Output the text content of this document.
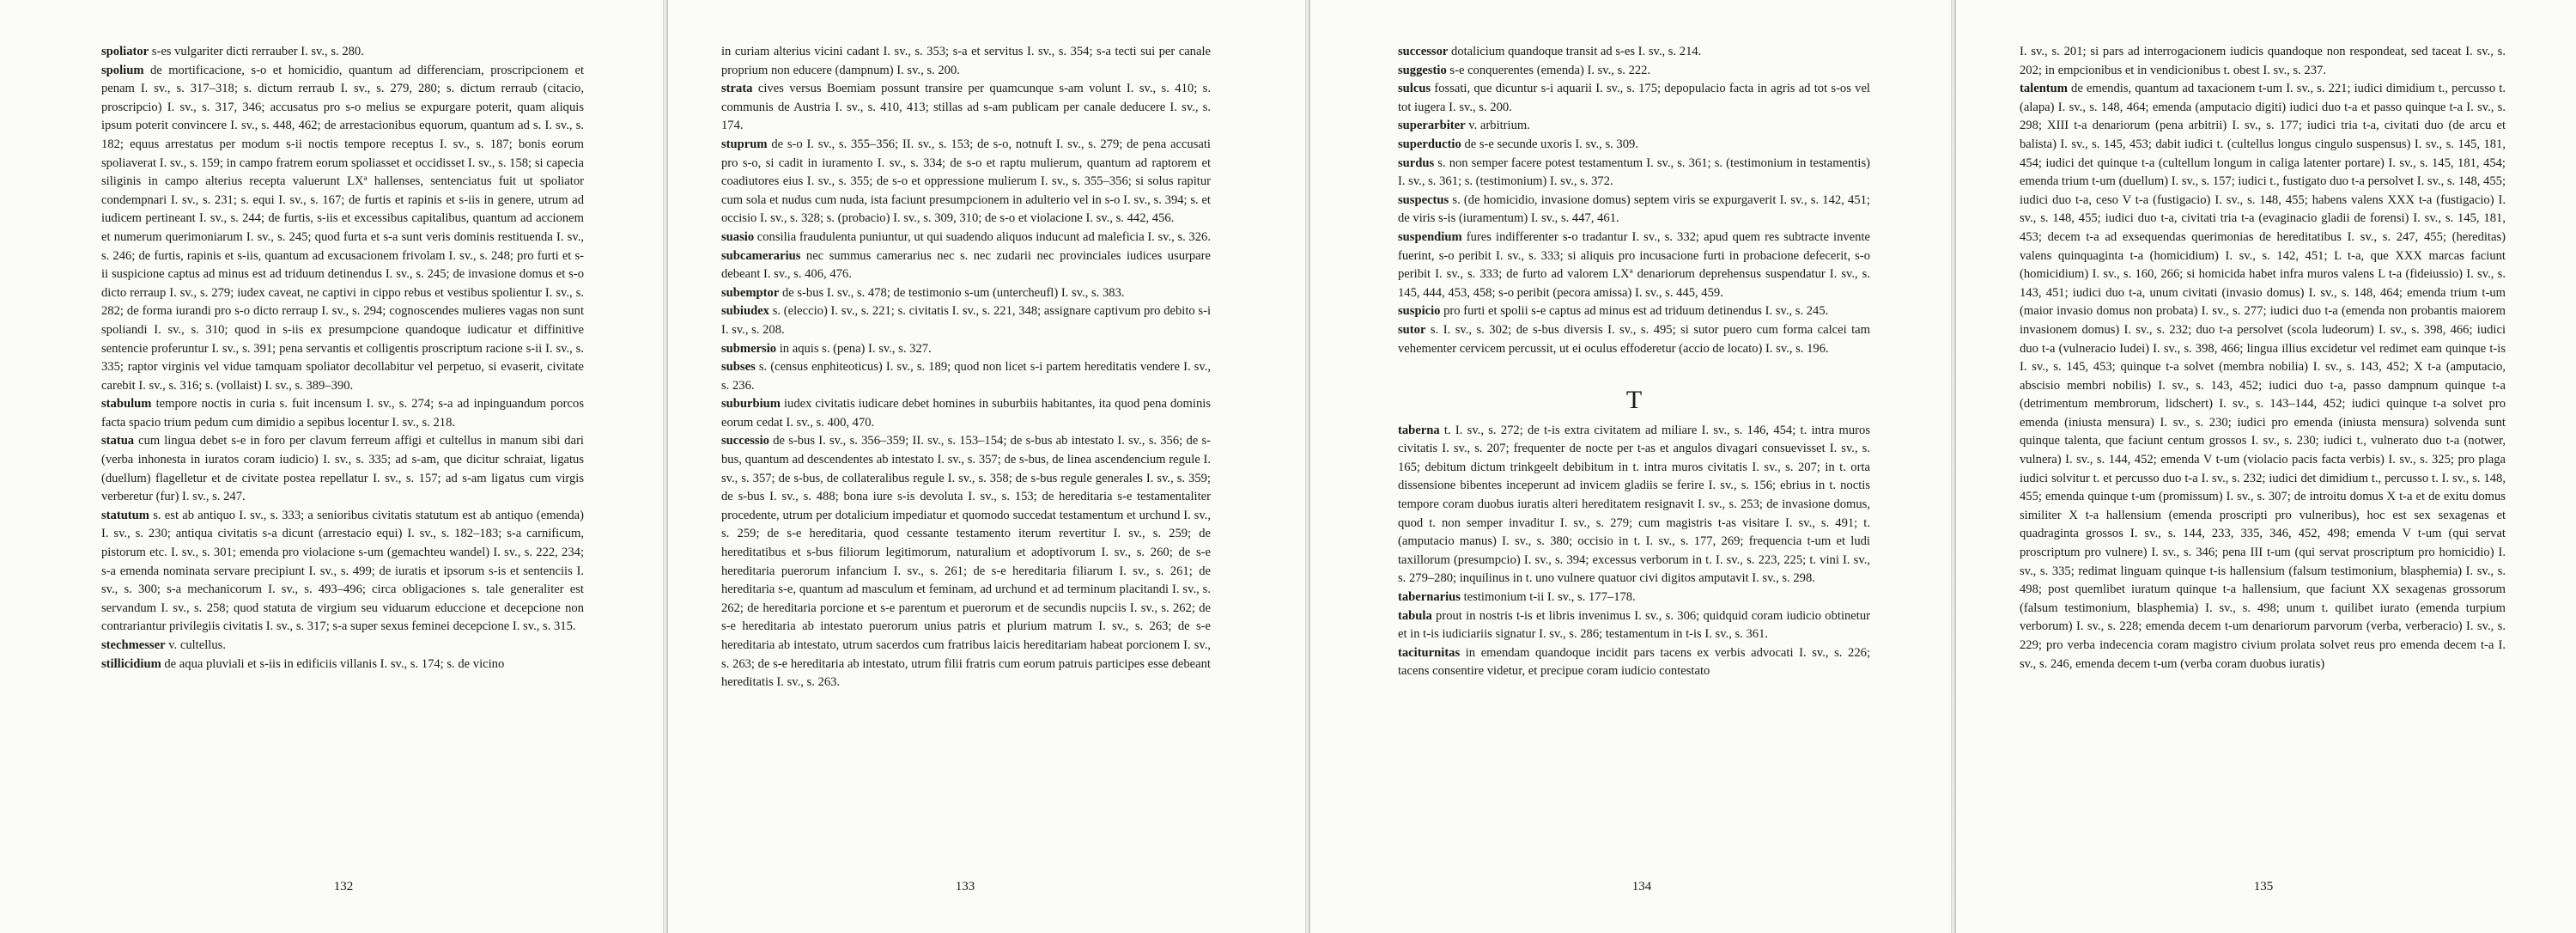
spoliator s-es vulgariter dicti rerrauber I. sv., s. 280.

spolium de mortificacione, s-o et homicidio, quantum ad differenciam, proscripcionem et penam I. sv., s. 317–318; s. dictum rerraub I. sv., s. 279, 280; s. dictum rerraub (citacio, proscripcio) I. sv., s. 317, 346; accusatus pro s-o melius se expurgare poterit, quam aliquis ipsum poterit convincere I. sv., s. 448, 462; de arrestacionibus equorum, quantum ad s. I. sv., s. 182; equus arrestatus per modum s-ii noctis tempore receptus I. sv., s. 187; bonis eorum spoliaverat I. sv., s. 159; in campo fratrem eorum spoliasset et occidisset I. sv., s. 158; si capecia siliginis in campo alterius recepta valuerunt LXª hallenses, sentenciatus fuit ut spoliator condempnari I. sv., s. 231; s. equi I. sv., s. 167; de furtis et rapinis et s-iis in genere, utrum ad iudicem pertineant I. sv., s. 244; de furtis, s-iis et excessibus capitalibus, quantum ad accionem et numerum querimoniarum I. sv., s. 245; quod furta et s-a sunt veris dominis restituenda I. sv., s. 246; de furtis, rapinis et s-iis, quantum ad excusacionem frivolam I. sv., s. 248; pro furti et s-ii suspicione captus ad minus est ad triduum detinendus I. sv., s. 245; de invasione domus et s-o dicto rerraup I. sv., s. 279; iudex caveat, ne captivi in cippo rebus et vestibus spolientur I. sv., s. 282; de forma iurandi pro s-o dicto rerraup I. sv., s. 294; cognoscendes mulieres vagas non sunt spoliandi I. sv., s. 310; quod in s-iis ex presumpcione quandoque iudicatur et diffinitive sentencie proferuntur I. sv., s. 391; pena servantis et colligentis proscriptum racione s-ii I. sv., s. 335; raptor virginis vel vidue tamquam spoliator decollabitur vel perpetuo, si evaserit, civitate carebit I. sv., s. 316; s. (vollaist) I. sv., s. 389–390.

stabulum tempore noctis in curia s. fuit incensum I. sv., s. 274; s-a ad inpinguandum porcos facta spacio trium pedum cum dimidio a sepibus locentur I. sv., s. 218.

statua cum lingua debet s-e in foro per clavum ferreum affigi et cultellus in manum sibi dari (verba inhonesta in iuratos coram iudicio) I. sv., s. 335; ad s-am, que dicitur schraiat, ligatus (duellum) flagelletur et de civitate postea repellatur I. sv., s. 157; ad s-am ligatus cum virgis verberetur (fur) I. sv., s. 247.

statutum s. est ab antiquo I. sv., s. 333; a senioribus civitatis statutum est ab antiquo (emenda) I. sv., s. 230; antiqua civitatis s-a dicunt (arrestacio equi) I. sv., s. 182–183; s-a carnificum, pistorum etc. I. sv., s. 301; emenda pro violacione s-um (gemachteu wandel) I. sv., s. 222, 234; s-a emenda nominata servare precipiunt I. sv., s. 499; de iuratis et ipsorum s-is et sentenciis I. sv., s. 300; s-a mechanicorum I. sv., s. 493–496; circa obligaciones s. tale generaliter est servandum I. sv., s. 258; quod statuta de virgium seu viduarum educcione et decepcione non contrariantur privilegiis civitatis I. sv., s. 317; s-a super sexus feminei decepcione I. sv., s. 315.

stechmesser v. cultellus.

stillicidium de aqua pluviali et s-iis in edificiis villanis I. sv., s. 174; s. de vicino

132

in curiam alterius vicini cadant I. sv., s. 353; s-a et servitus I. sv., s. 354; s-a tecti sui per canale proprium non educere (dampnum) I. sv., s. 200.

strata cives versus Boemiam possunt transire per quamcunque s-am volunt I. sv., s. 410; s. communis de Austria I. sv., s. 410, 413; stillas ad s-am publicam per canale deducere I. sv., s. 174.

stuprum de s-o I. sv., s. 355–356; II. sv., s. 153; de s-o, notnuft I. sv., s. 279; de pena accusati pro s-o, si cadit in iuramento I. sv., s. 334; de s-o et raptu mulierum, quantum ad raptorem et coadiutores eius I. sv., s. 355; de s-o et oppressione mulierum I. sv., s. 355–356; si solus rapitur cum sola et nudus cum nuda, ista faciunt presumpcionem in adulterio vel in s-o I. sv., s. 394; s. et occisio I. sv., s. 328; s. (probacio) I. sv., s. 309, 310; de s-o et violacione I. sv., s. 442, 456.

suasio consilia fraudulenta puniuntur, ut qui suadendo aliquos inducunt ad maleficia I. sv., s. 326.

subcamerarius nec summus camerarius nec s. nec zudarii nec provinciales iudices usurpare debeant I. sv., s. 406, 476.

subemptor de s-bus I. sv., s. 478; de testimonio s-um (untercheufl) I. sv., s. 383.

subiudex s. (eleccio) I. sv., s. 221; s. civitatis I. sv., s. 221, 348; assignare captivum pro debito s-i I. sv., s. 208.

submersio in aquis s. (pena) I. sv., s. 327.

subses s. (census enphiteoticus) I. sv., s. 189; quod non licet s-i partem hereditatis vendere I. sv., s. 236.

suburbium iudex civitatis iudicare debet homines in suburbiis habitantes, ita quod pena dominis eorum cedat I. sv., s. 400, 470.

successio de s-bus I. sv., s. 356–359; II. sv., s. 153–154; de s-bus ab intestato I. sv., s. 356; de s-bus, quantum ad descendentes ab intestato I. sv., s. 357; de s-bus, de linea ascendencium regule I. sv., s. 357; de s-bus, de collateralibus regule I. sv., s. 358; de s-bus regule generales I. sv., s. 359; de s-bus I. sv., s. 488; bona iure s-is devoluta I. sv., s. 153; de hereditaria s-e testamentaliter procedente, utrum per dotalicium impediatur et quomodo succedat testamentum et urchund I. sv., s. 259; de s-e hereditaria, quod cessante testamento iterum revertitur I. sv., s. 259; de hereditatibus et s-bus filiorum legitimorum, naturalium et adoptivorum I. sv., s. 260; de s-e hereditaria puerorum infancium I. sv., s. 261; de s-e hereditaria filiarum I. sv., s. 261; de hereditaria s-e, quantum ad masculum et feminam, ad urchund et ad terminum placitandi I. sv., s. 262; de hereditaria porcione et s-e parentum et puerorum et de secundis nupciis I. sv., s. 262; de s-e hereditaria ab intestato puerorum unius patris et plurium matrum I. sv., s. 263; de s-e hereditaria ab intestato, utrum sacerdos cum fratribus laicis hereditariam habeat porcionem I. sv., s. 263; de s-e hereditaria ab intestato, utrum filii fratris cum eorum patruis participes esse debeant hereditatis I. sv., s. 263.

133

successor dotalicium quandoque transit ad s-es I. sv., s. 214.

suggestio s-e conquerentes (emenda) I. sv., s. 222.

sulcus fossati, que dicuntur s-i aquarii I. sv., s. 175; depopulacio facta in agris ad tot s-os vel tot iugera I. sv., s. 200.

superarbiter v. arbitrium.

superductio de s-e secunde uxoris I. sv., s. 309.

surdus s. non semper facere potest testamentum I. sv., s. 361; s. (testimonium in testamentis) I. sv., s. 361; s. (testimonium) I. sv., s. 372.

suspectus s. (de homicidio, invasione domus) septem viris se expurgaverit I. sv., s. 142, 451; de viris s-is (iuramentum) I. sv., s. 447, 461.

suspendium fures indifferenter s-o tradantur I. sv., s. 332; apud quem res subtracte invente fuerint, s-o peribit I. sv., s. 333; si aliquis pro incusacione furti in probacione defecerit, s-o peribit I. sv., s. 333; de furto ad valorem LXª denariorum deprehensus suspendatur I. sv., s. 145, 444, 453, 458; s-o peribit (pecora amissa) I. sv., s. 445, 459.

suspicio pro furti et spolii s-e captus ad minus est ad triduum detinendus I. sv., s. 245.

sutor s. I. sv., s. 302; de s-bus diversis I. sv., s. 495; si sutor puero cum forma calcei tam vehementer cervicem percussit, ut ei oculus effoderetur (accio de locato) I. sv., s. 196.

T

taberna t. I. sv., s. 272; de t-is extra civitatem ad miliare I. sv., s. 146, 454; t. intra muros civitatis I. sv., s. 207; frequenter de nocte per t-as et angulos divagari consuevisset I. sv., s. 165; debitum dictum trinkgeelt debibitum in t. intra muros civitatis I. sv., s. 207; in t. orta dissensione bibentes inceperunt ad invicem gladiis se ferire I. sv., s. 156; ebrius in t. noctis tempore coram duobus iuratis alteri hereditatem resignavit I. sv., s. 253; de invasione domus, quod t. non semper invaditur I. sv., s. 279; cum magistris t-as visitare I. sv., s. 491; t. (amputacio manus) I. sv., s. 380; occisio in t. I. sv., s. 177, 269; frequencia t-um et ludi taxillorum (presumpcio) I. sv., s. 394; excessus verborum in t. I. sv., s. 223, 225; t. vini I. sv., s. 279–280; inquilinus in t. uno vulnere quatuor civi digitos amputavit I. sv., s. 298.

tabernarius testimonium t-ii I. sv., s. 177–178.

tabula prout in nostris t-is et libris invenimus I. sv., s. 306; quidquid coram iudicio obtinetur et in t-is iudiciariis signatur I. sv., s. 286; testamentum in t-is I. sv., s. 361.

taciturnitas in emendam quandoque incidit pars tacens ex verbis advocati I. sv., s. 226; tacens consentire videtur, et precipue coram iudicio contestato

134

I. sv., s. 201; si pars ad interrogacionem iudicis quandoque non respondeat, sed taceat I. sv., s. 202; in empcionibus et in vendicionibus t. obest I. sv., s. 237.

talentum de emendis, quantum ad taxacionem t-um I. sv., s. 221; iudici dimidium t., percusso t. (alapa) I. sv., s. 148, 464; emenda (amputacio digiti) iudici duo t-a et passo quinque t-a I. sv., s. 298; XIII t-a denariorum (pena arbitrii) I. sv., s. 177; iudici tria t-a, civitati duo (de arcu et balista) I. sv., s. 145, 453; dabit iudici t. (cultellus longus cingulo suspensus) I. sv., s. 145, 181, 454; iudici det quinque t-a (cultellum longum in caliga latenter portare) I. sv., s. 145, 181, 454; emenda trium t-um (duellum) I. sv., s. 157; iudici t., fustigato duo t-a persolvet I. sv., s. 148, 455; iudici duo t-a, ceso V t-a (fustigacio) I. sv., s. 148, 455; habens valens XXX t-a (fustigacio) I. sv., s. 148, 455; iudici duo t-a, civitati tria t-a (evaginacio gladii de forensi) I. sv., s. 145, 181, 453; decem t-a ad exsequendas querimonias de hereditatibus I. sv., s. 247, 455; (hereditas) valens quinquaginta t-a (homicidium) I. sv., s. 142, 451; L t-a, que XXX marcas faciunt (homicidium) I. sv., s. 160, 266; si homicida habet infra muros valens L t-a (fideiussio) I. sv., s. 143, 451; iudici duo t-a, unum civitati (invasio domus) I. sv., s. 148, 464; emenda trium t-um (maior invasio domus non probata) I. sv., s. 277; iudici duo t-a (emenda non probantis maiorem invasionem domus) I. sv., s. 232; duo t-a persolvet (scola ludeorum) I. sv., s. 398, 466; iudici duo t-a (vulneracio Iudei) I. sv., s. 398, 466; lingua illius excidetur vel redimet eam quinque t-is I. sv., s. 145, 453; quinque t-a solvet (membra nobilia) I. sv., s. 143, 452; X t-a (amputacio, abscisio membri nobilis) I. sv., s. 143, 452; iudici duo t-a, passo dampnum quinque t-a (detrimentum membrorum, lidschert) I. sv., s. 143–144, 452; iudici quinque t-a solvet pro emenda (iniusta mensura) I. sv., s. 230; iudici pro emenda (iniusta mensura) solvenda sunt quinque talenta, que faciunt centum grossos I. sv., s. 230; iudici t., vulnerato duo t-a (notwer, vulnera) I. sv., s. 144, 452; emenda V t-um (violacio pacis facta verbis) I. sv., s. 325; pro plaga iudici solvitur t. et percusso duo t-a I. sv., s. 232; iudici det dimidium t., percusso t. I. sv., s. 148, 455; emenda quinque t-um (promissum) I. sv., s. 307; de introitu domus X t-a et de exitu domus similiter X t-a hallensium (emenda proscripti pro vulneribus), hoc est sex sexagenas et quadraginta grossos I. sv., s. 144, 233, 335, 346, 452, 498; emenda V t-um (qui servat proscriptum pro vulnere) I. sv., s. 346; pena III t-um (qui servat proscriptum pro homicidio) I. sv., s. 335; redimat linguam quinque t-is hallensium (falsum testimonium, blasphemia) I. sv., s. 498; post quemlibet iuratum quinque t-a hallensium, que faciunt XX sexagenas grossorum (falsum testimonium, blasphemia) I. sv., s. 498; unum t. quilibet iurato (emenda turpium verborum) I. sv., s. 228; emenda decem t-um denariorum parvorum (verba, verberacio) I. sv., s. 229; pro verba indecencia coram magistro civium prolata solvet reus pro emenda decem t-a I. sv., s. 246, emenda decem t-um (verba coram duobus iuratis)

135
